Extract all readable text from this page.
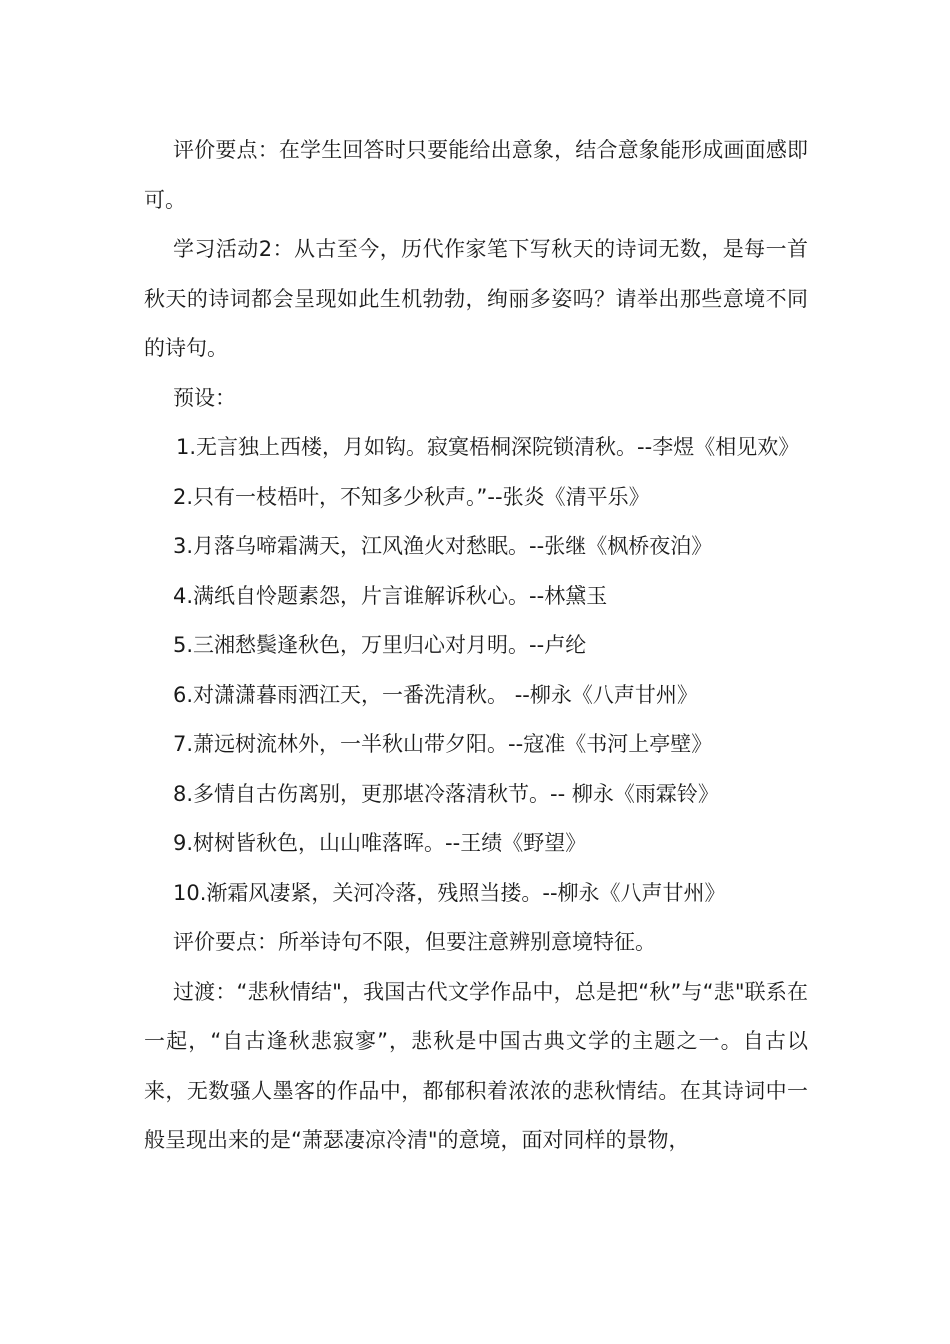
评价要点：在学生回答时只要能给出意象，结合意象能形成画面感即可。

学习活动2：从古至今，历代作家笔下写秋天的诗词无数，是每一首秋天的诗词都会呈现如此生机勃勃，绚丽多姿吗？请举出那些意境不同的诗句。

预设：

1.无言独上西楼，月如钩。寂寞梧桐深院锁清秋。--李煜《相见欢》

2.只有一枝梧叶，不知多少秋声。”--张炎《清平乐》

3.月落乌啼霜满天，江风渔火对愁眠。--张继《枫桥夜泊》

4.满纸自怜题素怨，片言谁解诉秋心。--林黛玉

5.三湘愁鬓逢秋色，万里归心对月明。--卢纶

6.对潇潇暮雨洒江天，一番洗清秋。 --柳永《八声甘州》

7.萧远树流林外，一半秋山带夕阳。--寇准《书河上亭壁》

8.多情自古伤离别，更那堪冷落清秋节。-- 柳永《雨霖铃》

9.树树皆秋色，山山唯落晖。--王绩《野望》

10.渐霜风凄紧，关河冷落，残照当搂。--柳永《八声甘州》

评价要点：所举诗句不限，但要注意辨别意境特征。

过渡：“悲秋情结"，我国古代文学作品中，总是把“秋”与“悲"联系在一起，“自古逢秋悲寂寥”，悲秋是中国古典文学的主题之一。自古以来，无数骚人墨客的作品中，都郁积着浓浓的悲秋情结。在其诗词中一般呈现出来的是“萧瑟凄凉冷清"的意境，面对同样的景物，
